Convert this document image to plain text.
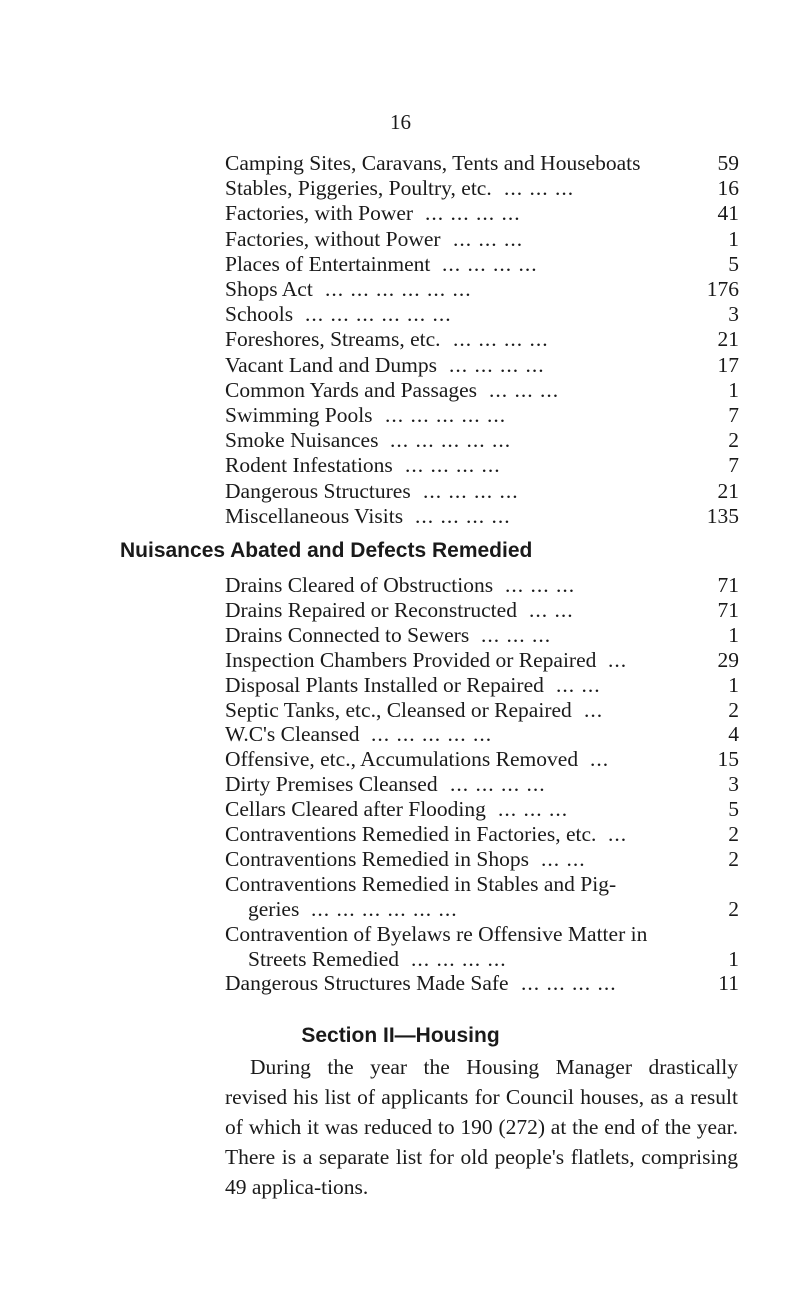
16
Camping Sites, Caravans, Tents and Houseboats	59
Stables, Piggeries, Poultry, etc. ... ... ...	16
Factories, with Power ... ... ... ...	41
Factories, without Power ... ... ...	1
Places of Entertainment ... ... ... ...	5
Shops Act ... ... ... ... ... ...	176
Schools ... ... ... ... ... ...	3
Foreshores, Streams, etc. ... ... ... ...	21
Vacant Land and Dumps ... ... ... ...	17
Common Yards and Passages ... ... ...	1
Swimming Pools ... ... ... ... ...	7
Smoke Nuisances ... ... ... ... ...	2
Rodent Infestations ... ... ... ...	7
Dangerous Structures ... ... ... ...	21
Miscellaneous Visits ... ... ... ...	135
Nuisances Abated and Defects Remedied
Drains Cleared of Obstructions ... ... ...	71
Drains Repaired or Reconstructed ... ...	71
Drains Connected to Sewers ... ... ...	1
Inspection Chambers Provided or Repaired ...	29
Disposal Plants Installed or Repaired ... ...	1
Septic Tanks, etc., Cleansed or Repaired ...	2
W.C's Cleansed ... ... ... ... ...	4
Offensive, etc., Accumulations Removed ...	15
Dirty Premises Cleansed ... ... ... ...	3
Cellars Cleared after Flooding ... ... ...	5
Contraventions Remedied in Factories, etc. ...	2
Contraventions Remedied in Shops ... ...	2
Contraventions Remedied in Stables and Pig-
geries ... ... ... ... ... ...	2
Contravention of Byelaws re Offensive Matter in
Streets Remedied ... ... ... ...	1
Dangerous Structures Made Safe ... ... ... ...	11
Section II—Housing
During the year the Housing Manager drastically revised his list of applicants for Council houses, as a result of which it was reduced to 190 (272) at the end of the year. There is a separate list for old people's flatlets, comprising 49 applica-tions.
